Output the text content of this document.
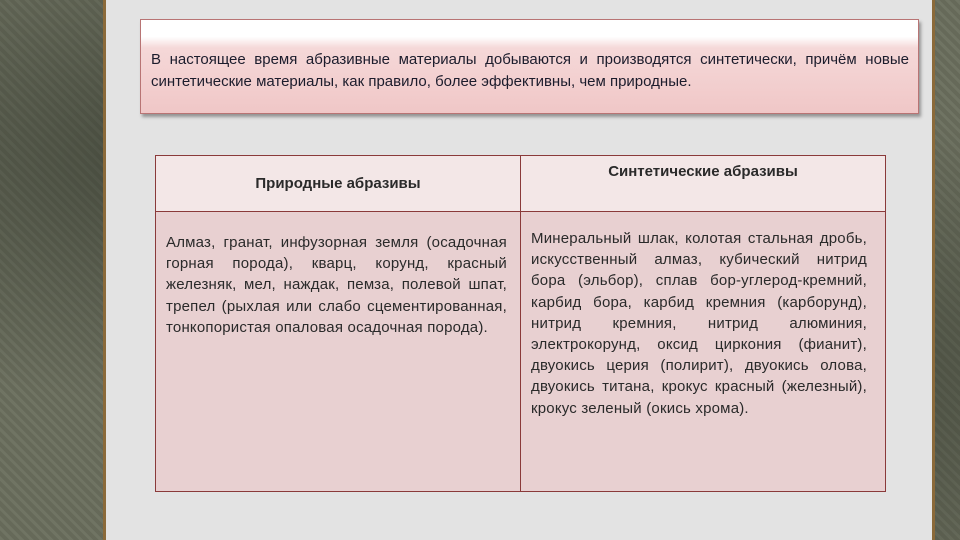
В настоящее время абразивные материалы добываются и производятся синтетически, причём новые синтетические материалы, как правило, более эффективны, чем природные.
Природные абразивы
Синтетические абразивы
Алмаз, гранат, инфузорная земля (осадочная горная порода), кварц, корунд, красный железняк, мел, наждак, пемза, полевой шпат, трепел (рыхлая или слабо сцементированная, тонкопористая опаловая осадочная порода).
Минеральный шлак, колотая стальная дробь, искусственный алмаз, кубический нитрид бора (эльбор), сплав бор-углерод-кремний, карбид бора, карбид кремния (карборунд), нитрид кремния, нитрид алюминия, электрокорунд, оксид циркония (фианит), двуокись церия (полирит), двуокись олова, двуокись титана, крокус красный (железный), крокус зеленый (окись хрома).
